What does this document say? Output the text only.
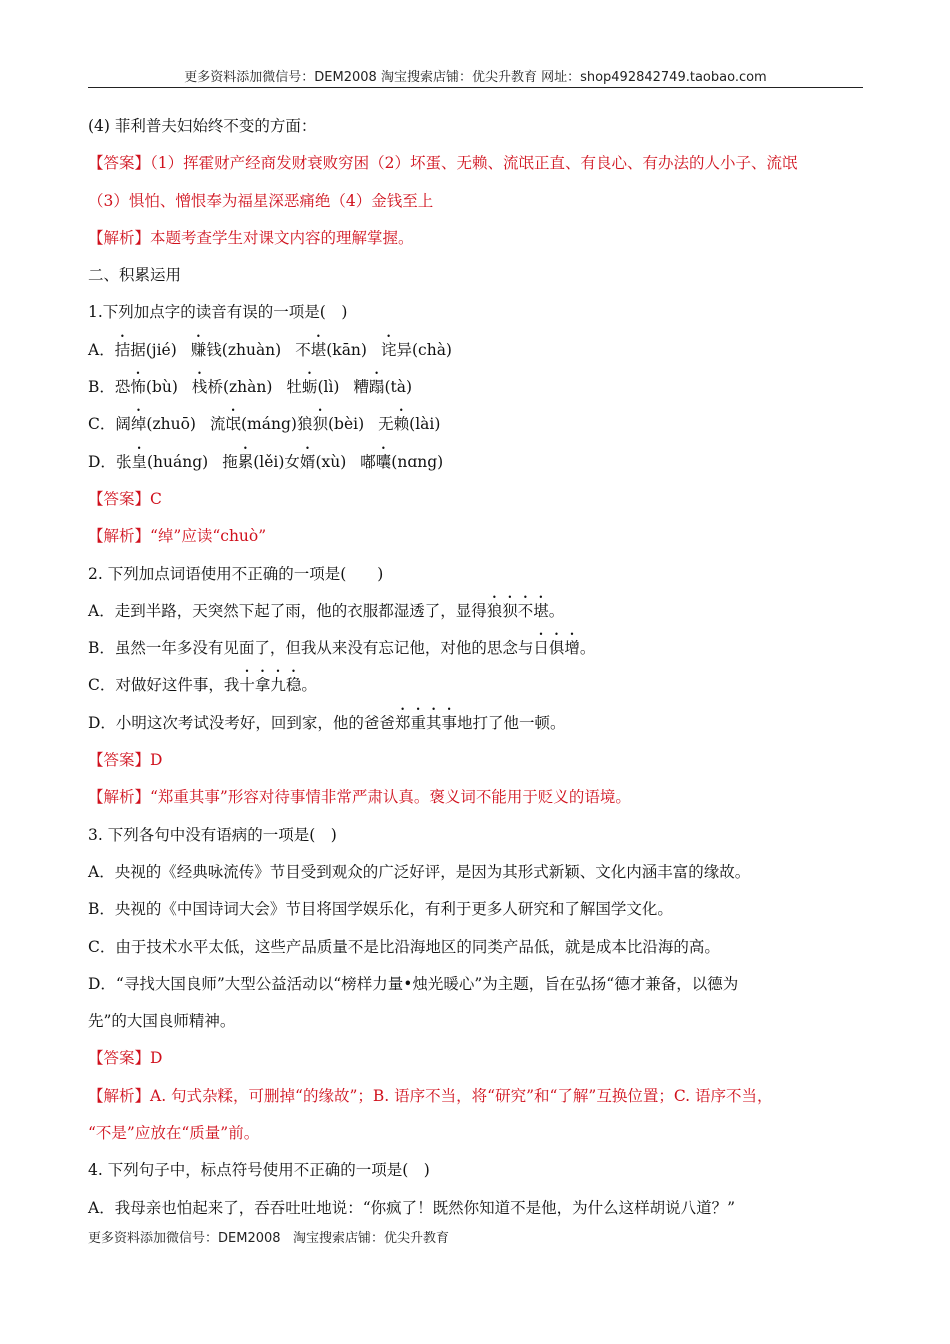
更多资料添加微信号：DEM2008 淘宝搜索店铺：优尖升教育 网址：shop492842749.taobao.com
(4) 菲利普夫妇始终不变的方面：
【答案】（1）挥霍财产经商发财衰败穷困（2）坏蛋、无赖、流氓正直、有良心、有办法的人小子、流氓
（3）惧怕、憎恨奉为福星深恶痛绝（4）金钱至上
【解析】本题考查学生对课文内容的理解掌握。
二、积累运用
1.下列加点字的读音有误的一项是(　)
A．拮据(jié) 赚钱(zhuàn) 不堪(kān) 诧异(chà)
B．恐怖(bù) 栈桥(zhàn) 牡蛎(lì) 糟蹋(tà)
C．阔绰(zhuō) 流氓(máng)狼狈(bèi) 无赖(lài)
D．张皇(huáng) 拖累(lěi)女婿(xù) 嘟囔(nɑng)
【答案】C
【解析】“绰”应读“chuò”
2. 下列加点词语使用不正确的一项是(　　)
A．走到半路，天突然下起了雨，他的衣服都湿透了，显得狼狈不堪。
B．虽然一年多没有见面了，但我从来没有忘记他，对他的思念与日俱增。
C．对做好这件事，我十拿九稳。
D．小明这次考试没考好，回到家，他的爸爸郑重其事地打了他一顿。
【答案】D
【解析】“郑重其事”形容对待事情非常严肃认真。褒义词不能用于贬义的语境。
3. 下列各句中没有语病的一项是(　)
A．央视的《经典咏流传》节目受到观众的广泛好评，是因为其形式新颖、文化内涵丰富的缘故。
B．央视的《中国诗词大会》节目将国学娱乐化，有利于更多人研究和了解国学文化。
C．由于技术水平太低，这些产品质量不是比沿海地区的同类产品低，就是成本比沿海的高。
D．“寻找大国良师”大型公益活动以“榜样力量•烛光暖心”为主题，旨在弘扬“德才兼备，以德为
先”的大国良师精神。
【答案】D
【解析】A. 句式杂糅，可删掉“的缘故”；B. 语序不当，将“研究”和“了解”互换位置；C. 语序不当，
“不是”应放在“质量”前。
4. 下列句子中，标点符号使用不正确的一项是(　)
A．我母亲也怕起来了，吞吞吐吐地说：“你疯了！既然你知道不是他，为什么这样胡说八道？”
更多资料添加微信号：DEM2008 淘宝搜索店铺：优尖升教育
